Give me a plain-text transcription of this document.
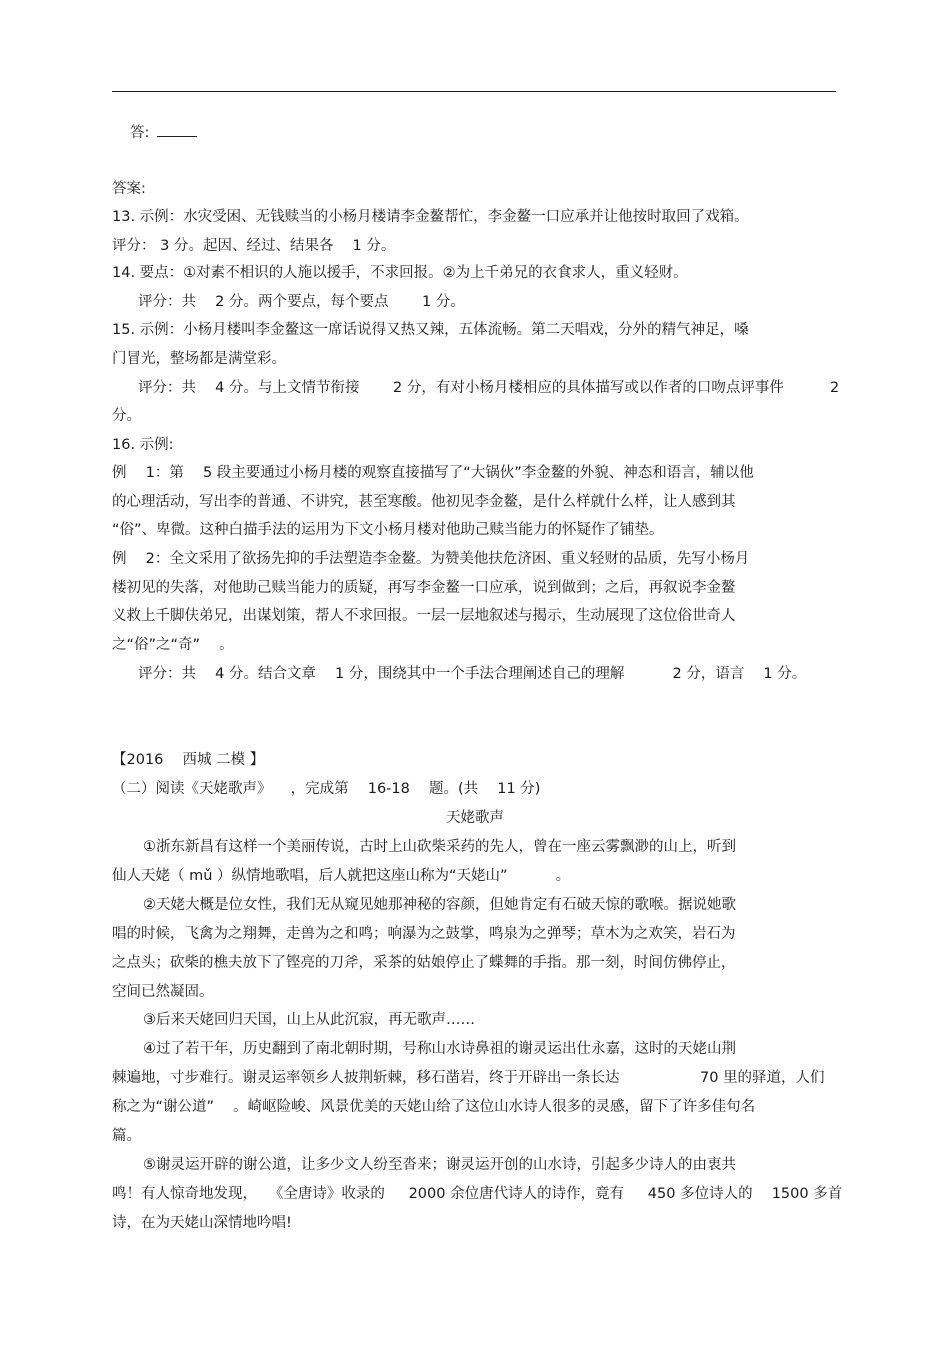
答:
答案:
13. 示例：水灾受困、无钱赎当的小杨月楼请李金鳌帮忙，李金鳌一口应承并让他按时取回了戏箱。
评分： 3 分。起因、经过、结果各 　1 分。
14. 要点：①对素不相识的人施以援手，不求回报。②为上千弟兄的衣食求人，重义轻财。
评分：共 　2 分。两个要点，每个要点 　　1 分。
15. 示例：小杨月楼叫李金鳌这一席话说得又热又辣，五体流畅。第二天唱戏，分外的精气神足，嗓
门冒光，整场都是满堂彩。
评分：共 　4 分。与上文情节衔接 　　2 分，有对小杨月楼相应的具体描写或以作者的口吻点评事件	2
分。
16. 示例:
例 　1：第 　5 段主要通过小杨月楼的观察直接描写了“大锅伙”李金鳌的外貌、神态和语言，辅以他
的心理活动，写出李的普通、不讲究，甚至寒酸。他初见李金鳌，是什么样就什么样，让人感到其
“俗”、卑微。这种白描手法的运用为下文小杨月楼对他助己赎当能力的怀疑作了铺垫。
例 　2：全文采用了欲扬先抑的手法塑造李金鳌。为赞美他扶危济困、重义轻财的品质，先写小杨月
楼初见的失落，对他助己赎当能力的质疑，再写李金鳌一口应承，说到做到；之后，再叙说李金鳌
义救上千脚伕弟兄，出谋划策，帮人不求回报。一层一层地叙述与揭示，生动展现了这位俗世奇人
之“俗”之“奇” 　。
评分：共 　4 分。结合文章 　1 分，围绕其中一个手法合理阐述自己的理解 　　　2 分，语言 　1 分。
【2016 　西城 二模 】
（二）阅读《天姥歌声》 　，完成第 　16-18 　题。(共 　11 分)
天姥歌声
①浙东新昌有这样一个美丽传说，古时上山砍柴采药的先人，曾在一座云雾飘渺的山上，听到
仙人天姥（ mǔ ）纵情地歌唱，后人就把这座山称为“天姥山” 　　　。
②天姥大概是位女性，我们无从窥见她那神秘的容颜，但她肯定有石破天惊的歌喉。据说她歌
唱的时候，飞禽为之翔舞，走兽为之和鸣；响瀑为之鼓掌，鸣泉为之弹琴；草木为之欢笑，岩石为
之点头；砍柴的樵夫放下了铿亮的刀斧，采茶的姑娘停止了蝶舞的手指。那一刻，时间仿佛停止，
空间已然凝固。
③后来天姥回归天国，山上从此沉寂，再无歌声……
④过了若干年，历史翻到了南北朝时期，号称山水诗鼻祖的谢灵运出仕永嘉，这时的天姥山荆
棘遍地，寸步难行。谢灵运率领乡人披荆斩棘，移石凿岩，终于开辟出一条长达	70 里的驿道，人们
称之为“谢公道” 　。崎岖险峻、风景优美的天姥山给了这位山水诗人很多的灵感，留下了许多佳句名
篇。
⑤谢灵运开辟的谢公道，让多少文人纷至沓来；谢灵运开创的山水诗，引起多少诗人的由衷共
鸣！有人惊奇地发现， 　《全唐诗》收录的 　 2000 余位唐代诗人的诗作，竟有 　 450 多位诗人的 　1500 多首
诗，在为天姥山深情地吟唱!
